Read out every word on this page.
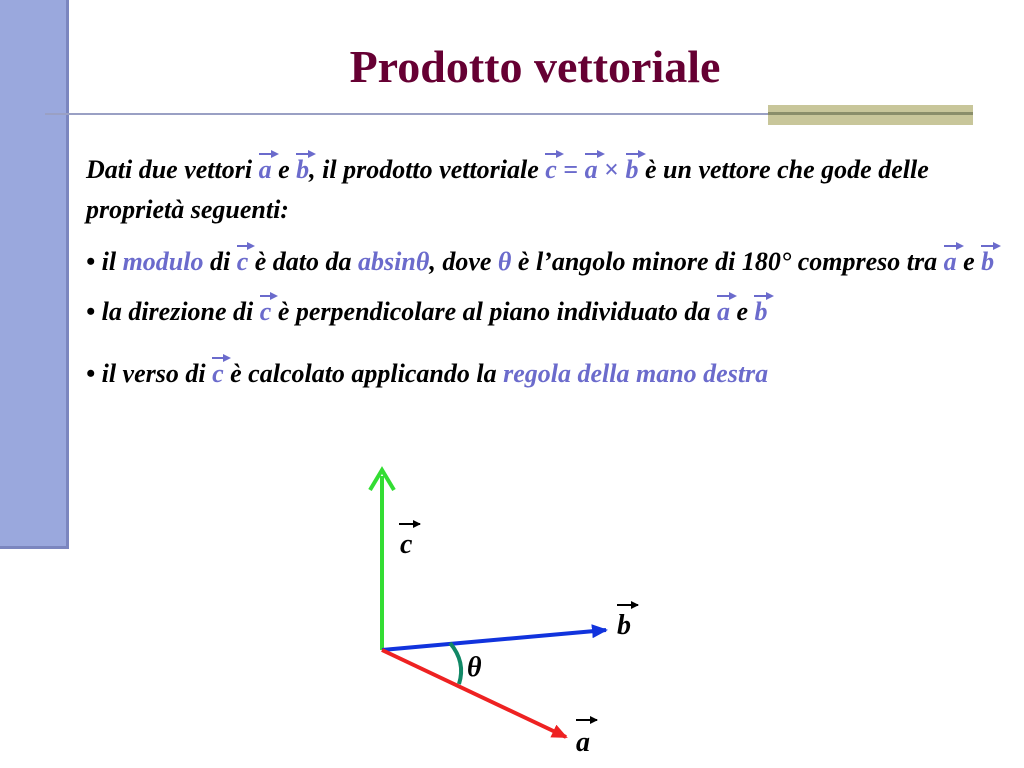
Prodotto vettoriale

Dati due vettori a e b, il prodotto vettoriale c = a × b è un vettore che gode delle proprietà seguenti:

• il modulo di c è dato da absinθ, dove θ è l’angolo minore di 180° compreso tra a e b

• la direzione di c è perpendicolare al piano individuato da a e b

• il verso di c è calcolato applicando la regola della mano destra

c
b
θ
a
